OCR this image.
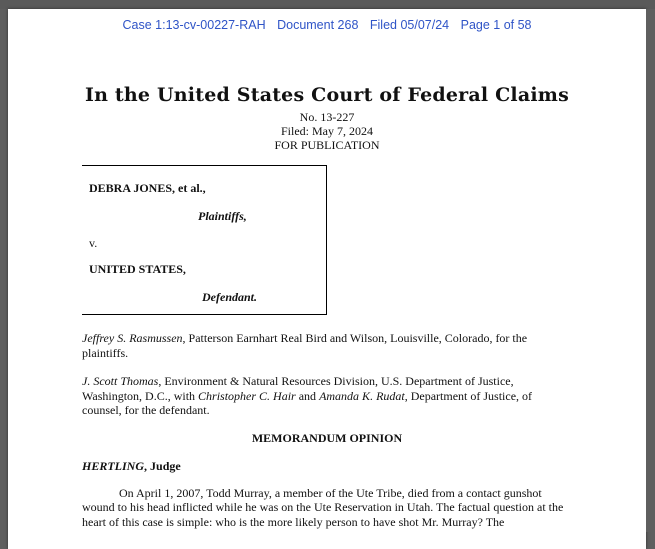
Case 1:13-cv-00227-RAH Document 268 Filed 05/07/24 Page 1 of 58
In the United States Court of Federal Claims
No. 13-227
Filed: May 7, 2024
FOR PUBLICATION
DEBRA JONES, et al.,
Plaintiffs,
v.
UNITED STATES,
Defendant.
Jeffrey S. Rasmussen, Patterson Earnhart Real Bird and Wilson, Louisville, Colorado, for the plaintiffs.
J. Scott Thomas, Environment & Natural Resources Division, U.S. Department of Justice, Washington, D.C., with Christopher C. Hair and Amanda K. Rudat, Department of Justice, of counsel, for the defendant.
MEMORANDUM OPINION
HERTLING, Judge
On April 1, 2007, Todd Murray, a member of the Ute Tribe, died from a contact gunshot wound to his head inflicted while he was on the Ute Reservation in Utah. The factual question at the heart of this case is simple: who is the more likely person to have shot Mr. Murray? The
